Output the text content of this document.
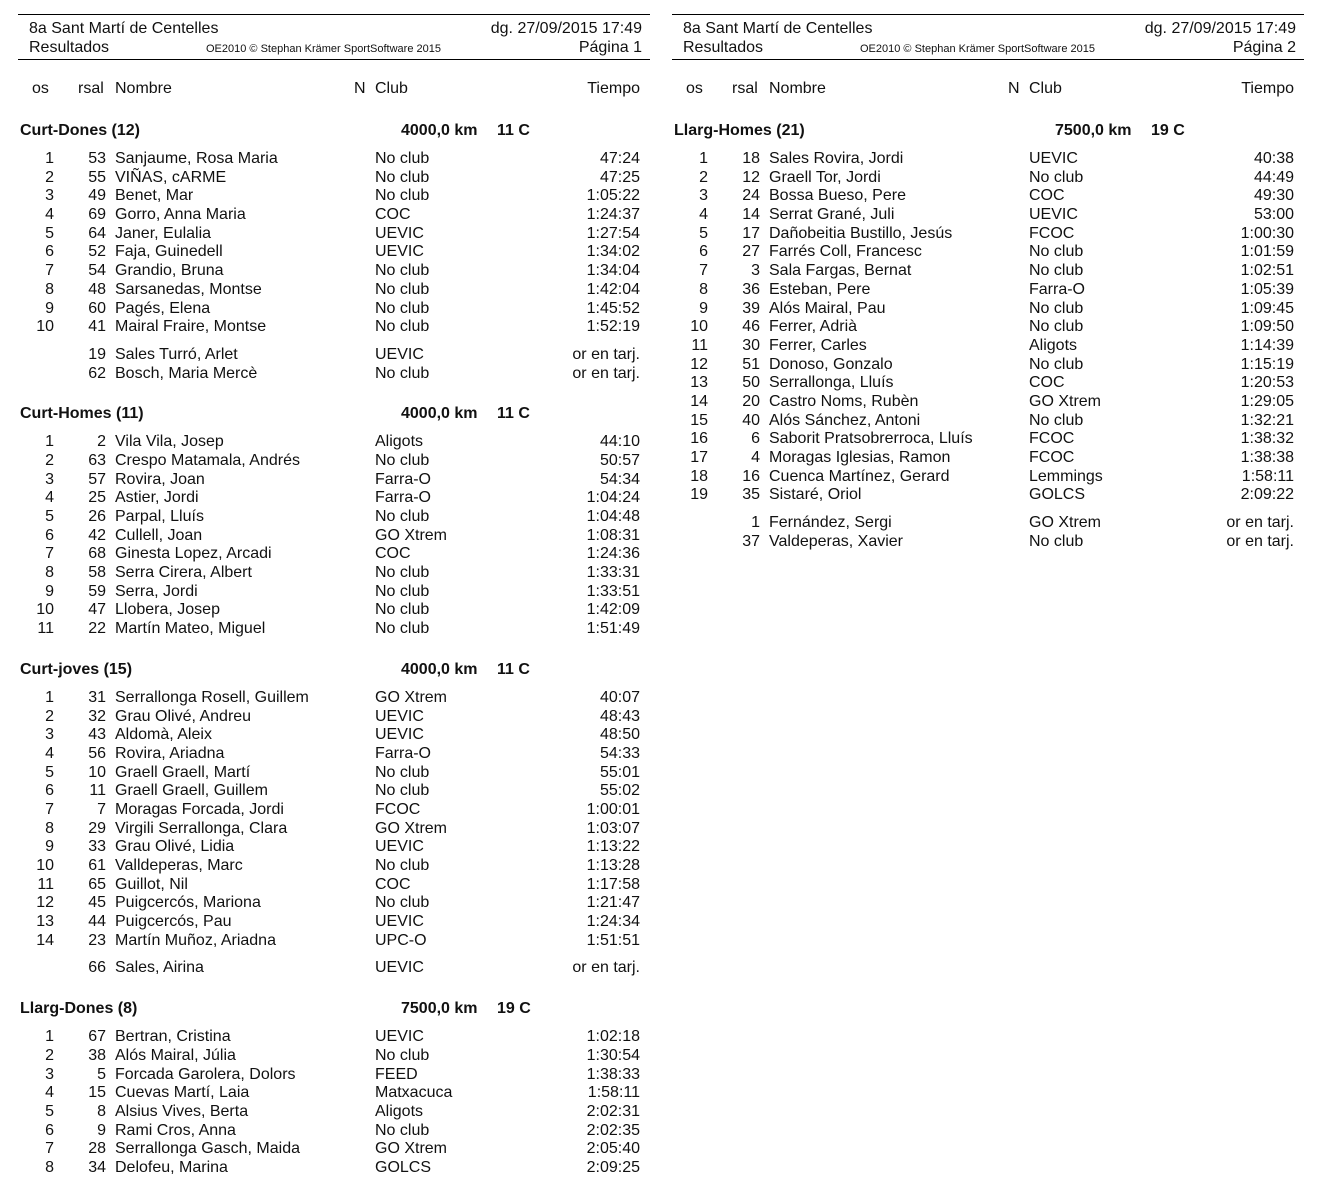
8a Sant Martí de Centelles	dg. 27/09/2015 17:49
Resultados	OE2010 © Stephan Krämer SportSoftware 2015	Página 1
os rsal Nombre	N Club	Tiempo
Curt-Dones (12)	4000,0 km 11 C
1	53 Sanjaume, Rosa Maria	No club	47:24
2	55 VIÑAS, cARME	No club	47:25
3	49 Benet, Mar	No club	1:05:22
4	69 Gorro, Anna Maria	COC	1:24:37
5	64 Janer, Eulalia	UEVIC	1:27:54
6	52 Faja, Guinedell	UEVIC	1:34:02
7	54 Grandio, Bruna	No club	1:34:04
8	48 Sarsanedas, Montse	No club	1:42:04
9	60 Pagés, Elena	No club	1:45:52
10	41 Mairal Fraire, Montse	No club	1:52:19
19 Sales Turró, Arlet	UEVIC	or en tarj.
62 Bosch, Maria Mercè	No club	or en tarj.
Curt-Homes (11)	4000,0 km 11 C
1	2 Vila Vila, Josep	Aligots	44:10
2	63 Crespo Matamala, Andrés	No club	50:57
3	57 Rovira, Joan	Farra-O	54:34
4	25 Astier, Jordi	Farra-O	1:04:24
5	26 Parpal, Lluís	No club	1:04:48
6	42 Cullell, Joan	GO Xtrem	1:08:31
7	68 Ginesta Lopez, Arcadi	COC	1:24:36
8	58 Serra Cirera, Albert	No club	1:33:31
9	59 Serra, Jordi	No club	1:33:51
10	47 Llobera, Josep	No club	1:42:09
11	22 Martín Mateo, Miguel	No club	1:51:49
Curt-joves (15)	4000,0 km 11 C
1	31 Serrallonga Rosell, Guillem	GO Xtrem	40:07
2	32 Grau Olivé, Andreu	UEVIC	48:43
3	43 Aldomà, Aleix	UEVIC	48:50
4	56 Rovira, Ariadna	Farra-O	54:33
5	10 Graell Graell, Martí	No club	55:01
6	11 Graell Graell, Guillem	No club	55:02
7	7 Moragas Forcada, Jordi	FCOC	1:00:01
8	29 Virgili Serrallonga, Clara	GO Xtrem	1:03:07
9	33 Grau Olivé, Lidia	UEVIC	1:13:22
10	61 Valldeperas, Marc	No club	1:13:28
11	65 Guillot, Nil	COC	1:17:58
12	45 Puigcercós, Mariona	No club	1:21:47
13	44 Puigcercós, Pau	UEVIC	1:24:34
14	23 Martín Muñoz, Ariadna	UPC-O	1:51:51
66 Sales, Airina	UEVIC	or en tarj.
Llarg-Dones (8)	7500,0 km 19 C
1	67 Bertran, Cristina	UEVIC	1:02:18
2	38 Alós Mairal, Júlia	No club	1:30:54
3	5 Forcada Garolera, Dolors	FEED	1:38:33
4	15 Cuevas Martí, Laia	Matxacuca	1:58:11
5	8 Alsius Vives, Berta	Aligots	2:02:31
6	9 Rami Cros, Anna	No club	2:02:35
7	28 Serrallonga Gasch, Maida	GO Xtrem	2:05:40
8	34 Delofeu, Marina	GOLCS	2:09:25
8a Sant Martí de Centelles	dg. 27/09/2015 17:49
Resultados	OE2010 © Stephan Krämer SportSoftware 2015	Página 2
os rsal Nombre	N Club	Tiempo
Llarg-Homes (21)	7500,0 km 19 C
1	18 Sales Rovira, Jordi	UEVIC	40:38
2	12 Graell Tor, Jordi	No club	44:49
3	24 Bossa Bueso, Pere	COC	49:30
4	14 Serrat Grané, Juli	UEVIC	53:00
5	17 Dañobeitia Bustillo, Jesús	FCOC	1:00:30
6	27 Farrés Coll, Francesc	No club	1:01:59
7	3 Sala Fargas, Bernat	No club	1:02:51
8	36 Esteban, Pere	Farra-O	1:05:39
9	39 Alós Mairal, Pau	No club	1:09:45
10	46 Ferrer, Adrià	No club	1:09:50
11	30 Ferrer, Carles	Aligots	1:14:39
12	51 Donoso, Gonzalo	No club	1:15:19
13	50 Serrallonga, Lluís	COC	1:20:53
14	20 Castro Noms, Rubèn	GO Xtrem	1:29:05
15	40 Alós Sánchez, Antoni	No club	1:32:21
16	6 Saborit Pratsobrerroca, Lluís	FCOC	1:38:32
17	4 Moragas Iglesias, Ramon	FCOC	1:38:38
18	16 Cuenca Martínez, Gerard	Lemmings	1:58:11
19	35 Sistaré, Oriol	GOLCS	2:09:22
1 Fernández, Sergi	GO Xtrem	or en tarj.
37 Valdeperas, Xavier	No club	or en tarj.
